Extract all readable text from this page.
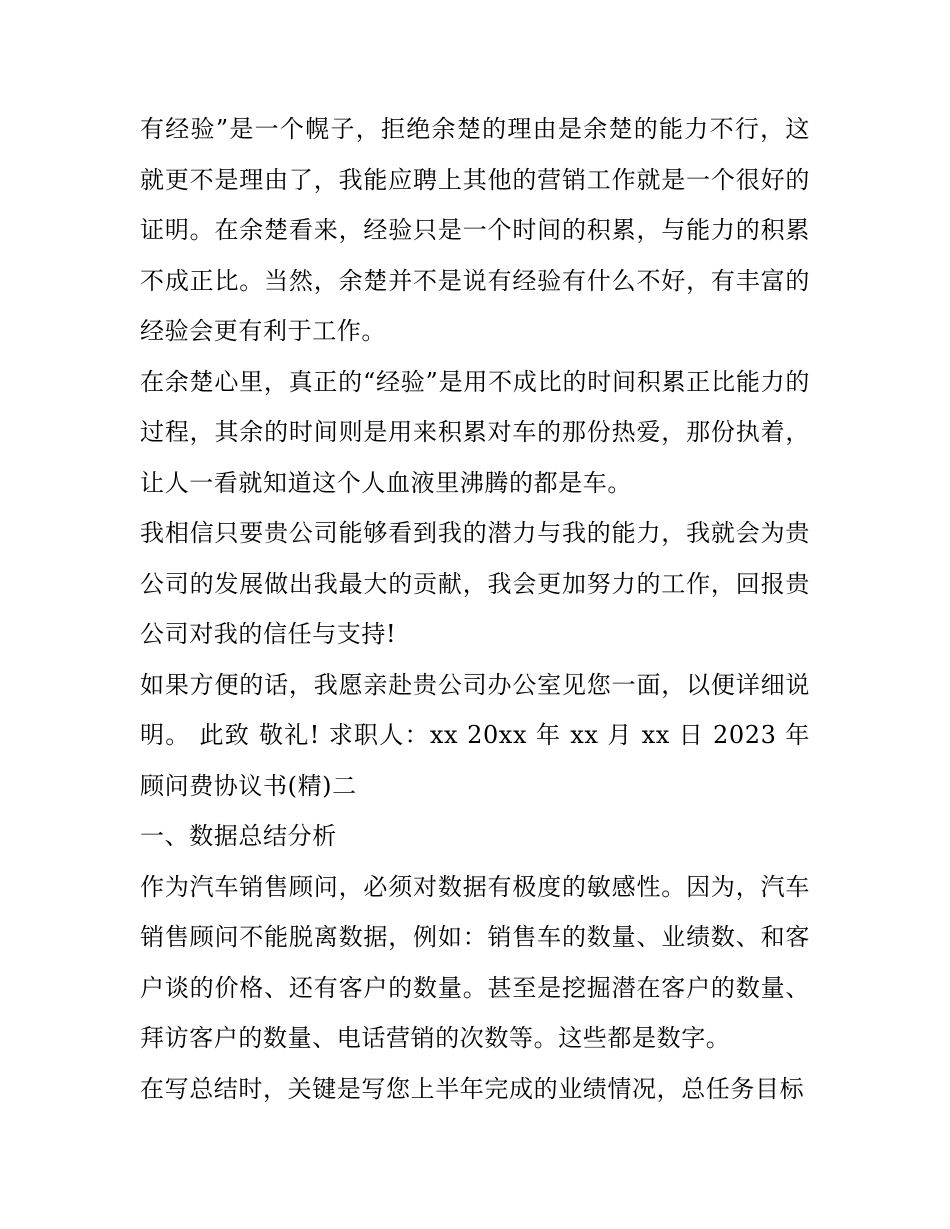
有经验”是一个幌子，拒绝余楚的理由是余楚的能力不行，这就更不是理由了，我能应聘上其他的营销工作就是一个很好的证明。在余楚看来，经验只是一个时间的积累，与能力的积累不成正比。当然，余楚并不是说有经验有什么不好，有丰富的经验会更有利于工作。

在余楚心里，真正的“经验”是用不成比的时间积累正比能力的过程，其余的时间则是用来积累对车的那份热爱，那份执着，让人一看就知道这个人血液里沸腾的都是车。

我相信只要贵公司能够看到我的潜力与我的能力，我就会为贵公司的发展做出我最大的贡献，我会更加努力的工作，回报贵公司对我的信任与支持!

如果方便的话，我愿亲赴贵公司办公室见您一面，以便详细说明。 此致 敬礼! 求职人：xx 20xx 年 xx 月 xx 日 2023 年顾问费协议书(精)二

一、数据总结分析

作为汽车销售顾问，必须对数据有极度的敏感性。因为，汽车销售顾问不能脱离数据，例如：销售车的数量、业绩数、和客户谈的价格、还有客户的数量。甚至是挖掘潜在客户的数量、拜访客户的数量、电话营销的次数等。这些都是数字。

在写总结时，关键是写您上半年完成的业绩情况，总任务目标
